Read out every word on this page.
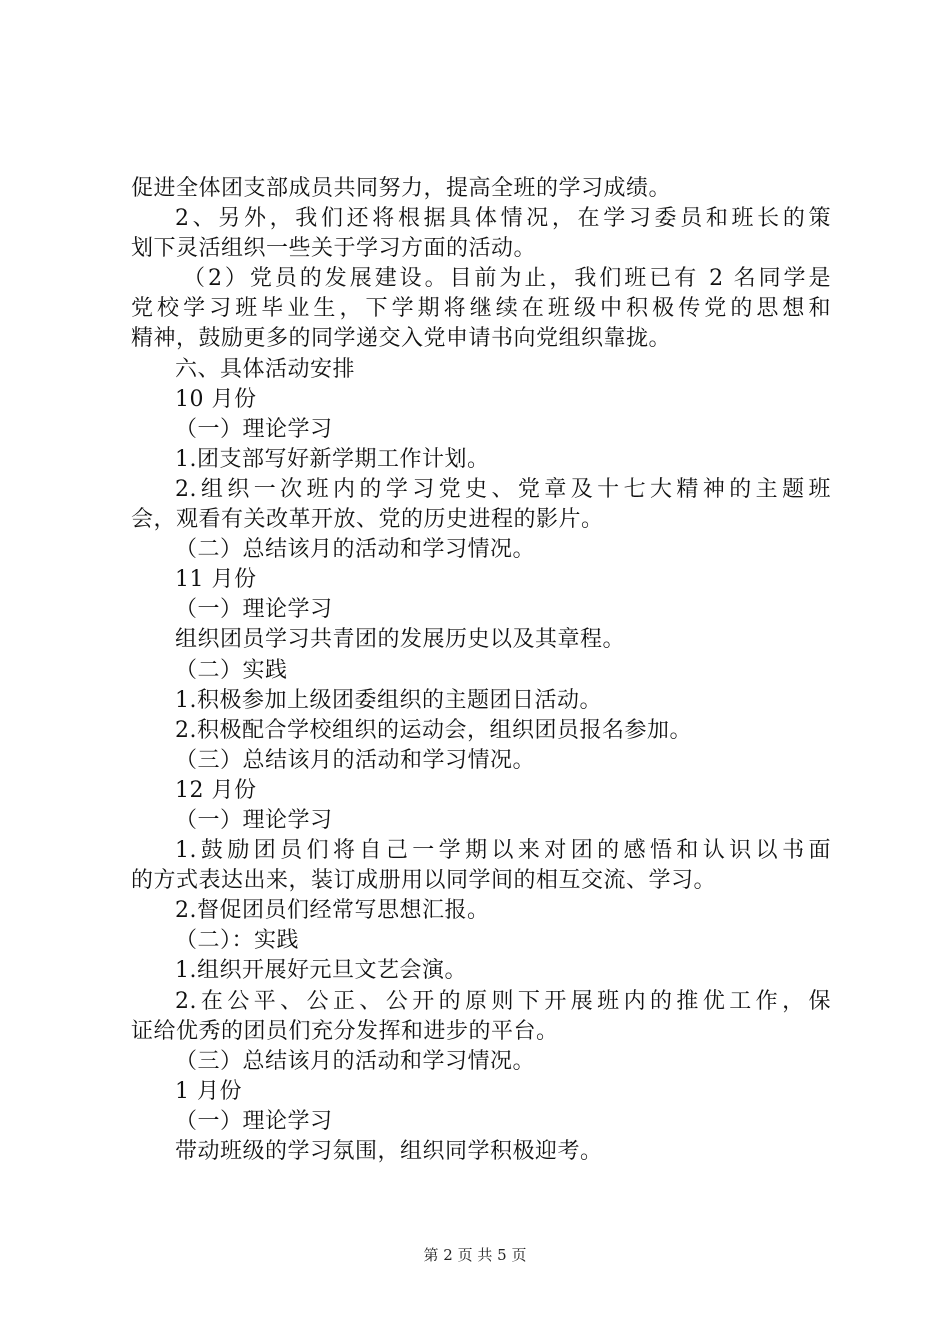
促进全体团支部成员共同努力，提高全班的学习成绩。
2、另外，我们还将根据具体情况，在学习委员和班长的策
划下灵活组织一些关于学习方面的活动。
（2）党员的发展建设。目前为止，我们班已有 2 名同学是
党校学习班毕业生，下学期将继续在班级中积极传党的思想和
精神，鼓励更多的同学递交入党申请书向党组织靠拢。
六、具体活动安排
10 月份
（一）理论学习
1.团支部写好新学期工作计划。
2.组织一次班内的学习党史、党章及十七大精神的主题班
会，观看有关改革开放、党的历史进程的影片。
（二）总结该月的活动和学习情况。
11 月份
（一）理论学习
组织团员学习共青团的发展历史以及其章程。
（二）实践
1.积极参加上级团委组织的主题团日活动。
2.积极配合学校组织的运动会，组织团员报名参加。
（三）总结该月的活动和学习情况。
12 月份
（一）理论学习
1.鼓励团员们将自己一学期以来对团的感悟和认识以书面
的方式表达出来，装订成册用以同学间的相互交流、学习。
2.督促团员们经常写思想汇报。
（二）：实践
1.组织开展好元旦文艺会演。
2.在公平、公正、公开的原则下开展班内的推优工作，保
证给优秀的团员们充分发挥和进步的平台。
（三）总结该月的活动和学习情况。
1 月份
（一）理论学习
带动班级的学习氛围，组织同学积极迎考。
第 2 页 共 5 页
